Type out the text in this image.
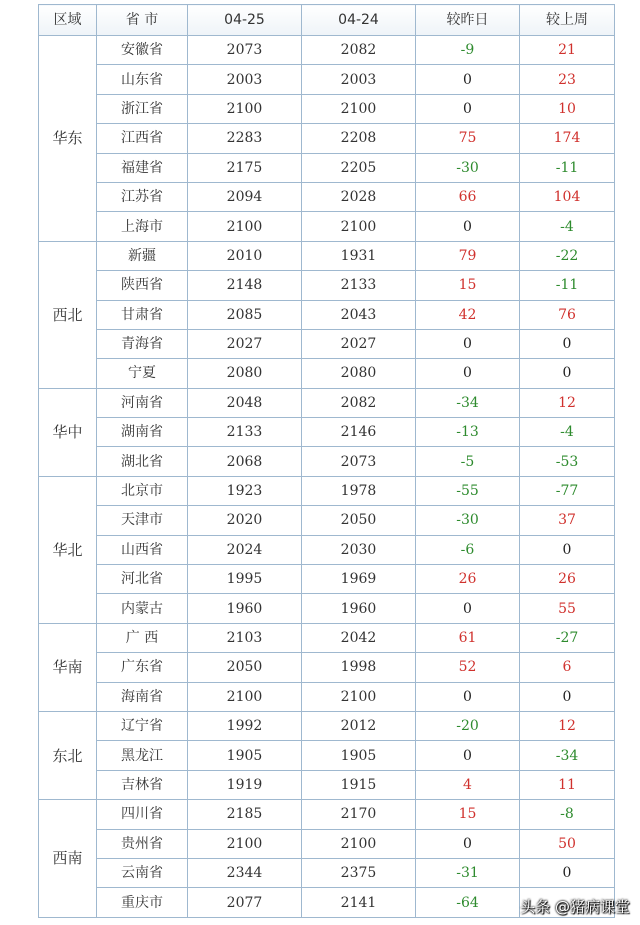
区域	省 市	04-25	04-24	较昨日	较上周
华东	安徽省	2073	2082	-9	21
	山东省	2003	2003	0	23
	浙江省	2100	2100	0	10
	江西省	2283	2208	75	174
	福建省	2175	2205	-30	-11
	江苏省	2094	2028	66	104
	上海市	2100	2100	0	-4
西北	新疆	2010	1931	79	-22
	陕西省	2148	2133	15	-11
	甘肃省	2085	2043	42	76
	青海省	2027	2027	0	0
	宁夏	2080	2080	0	0
华中	河南省	2048	2082	-34	12
	湖南省	2133	2146	-13	-4
	湖北省	2068	2073	-5	-53
华北	北京市	1923	1978	-55	-77
	天津市	2020	2050	-30	37
	山西省	2024	2030	-6	0
	河北省	1995	1969	26	26
	内蒙古	1960	1960	0	55
华南	广 西	2103	2042	61	-27
	广东省	2050	1998	52	6
	海南省	2100	2100	0	0
东北	辽宁省	1992	2012	-20	12
	黑龙江	1905	1905	0	-34
	吉林省	1919	1915	4	11
西南	四川省	2185	2170	15	-8
	贵州省	2100	2100	0	50
	云南省	2344	2375	-31	0
	重庆市	2077	2141	-64		头条 @猪病课堂
